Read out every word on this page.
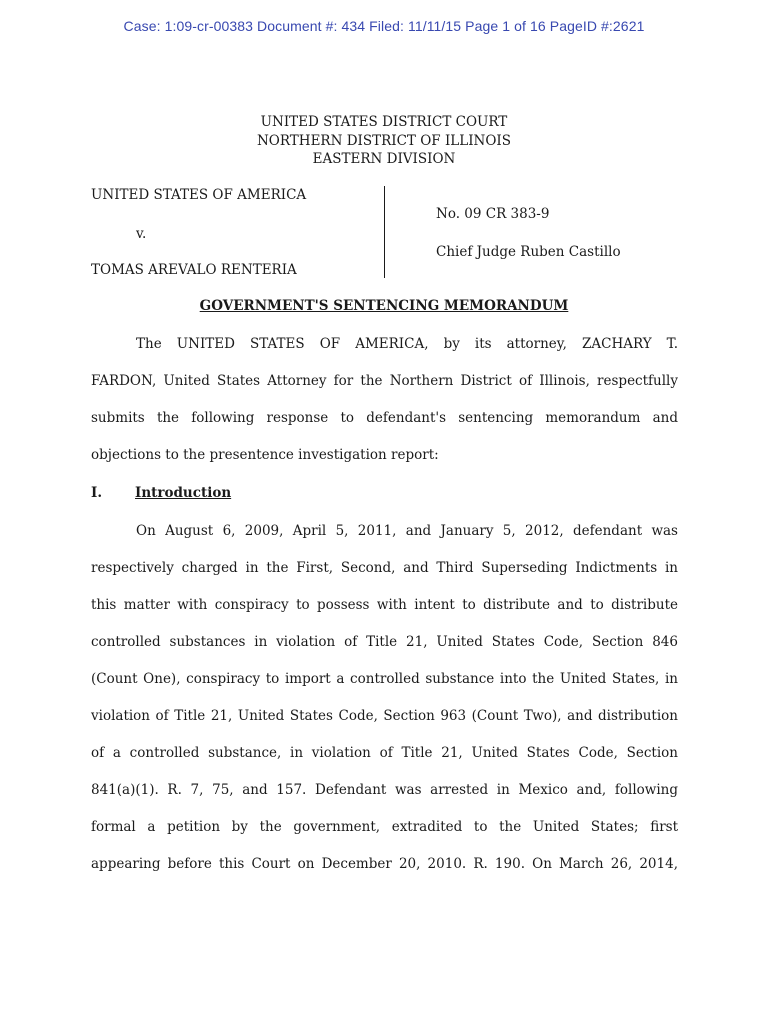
Case: 1:09-cr-00383 Document #: 434 Filed: 11/11/15 Page 1 of 16 PageID #:2621
UNITED STATES DISTRICT COURT
NORTHERN DISTRICT OF ILLINOIS
EASTERN DIVISION
UNITED STATES OF AMERICA
v.
TOMAS AREVALO RENTERIA
No. 09 CR 383-9
Chief Judge Ruben Castillo
GOVERNMENT'S SENTENCING MEMORANDUM
The UNITED STATES OF AMERICA, by its attorney, ZACHARY T.
FARDON, United States Attorney for the Northern District of Illinois, respectfully
submits the following response to defendant's sentencing memorandum and
objections to the presentence investigation report:
I. Introduction
On August 6, 2009, April 5, 2011, and January 5, 2012, defendant was
respectively charged in the First, Second, and Third Superseding Indictments in
this matter with conspiracy to possess with intent to distribute and to distribute
controlled substances in violation of Title 21, United States Code, Section 846
(Count One), conspiracy to import a controlled substance into the United States, in
violation of Title 21, United States Code, Section 963 (Count Two), and distribution
of a controlled substance, in violation of Title 21, United States Code, Section
841(a)(1). R. 7, 75, and 157. Defendant was arrested in Mexico and, following
formal a petition by the government, extradited to the United States; first
appearing before this Court on December 20, 2010. R. 190. On March 26, 2014,
